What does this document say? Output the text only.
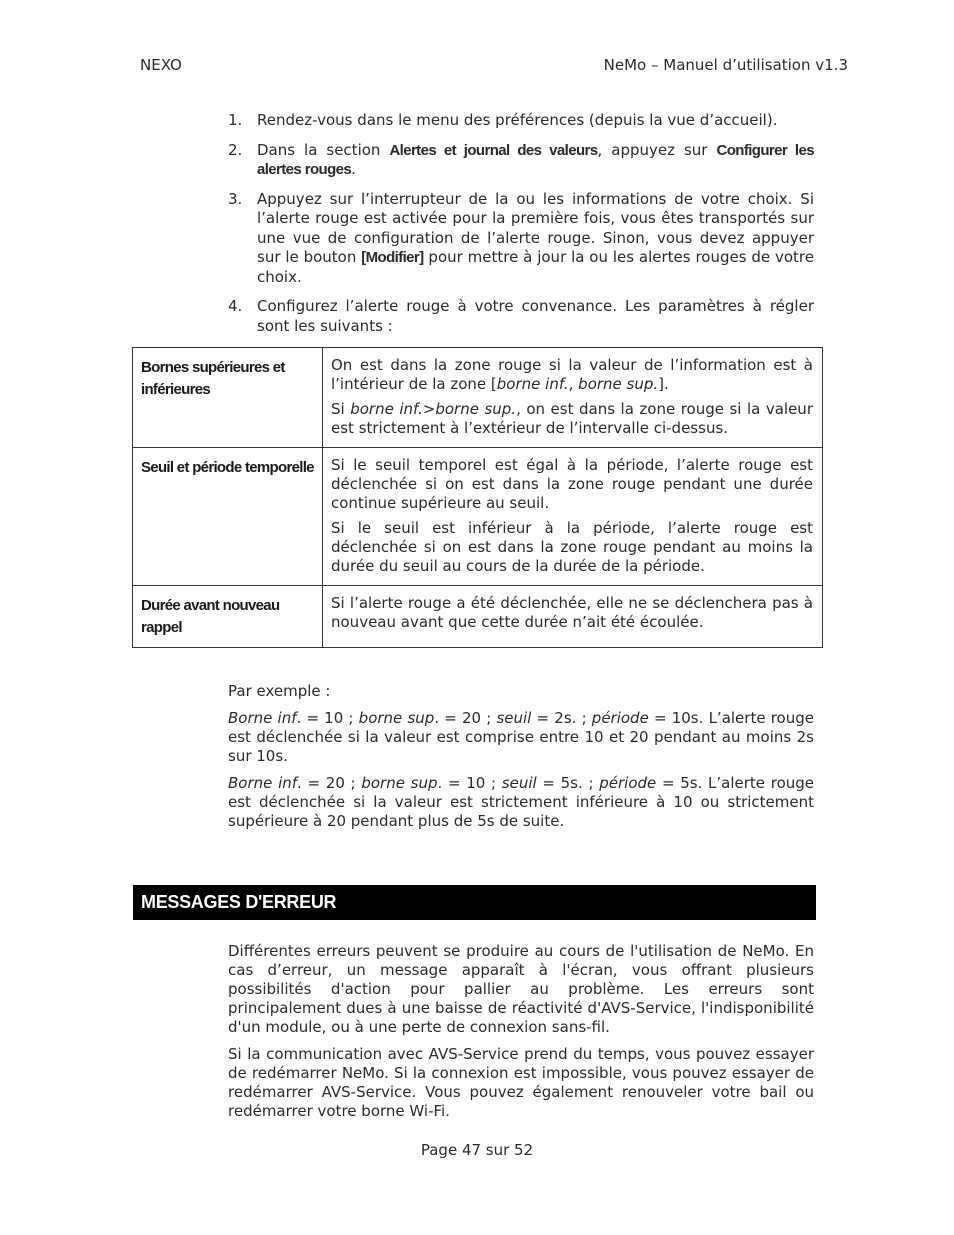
NEXO	NeMo – Manuel d’utilisation v1.3
1. Rendez-vous dans le menu des préférences (depuis la vue d’accueil).
2. Dans la section Alertes et journal des valeurs, appuyez sur Configurer les alertes rouges.
3. Appuyez sur l’interrupteur de la ou les informations de votre choix. Si l’alerte rouge est activée pour la première fois, vous êtes transportés sur une vue de configuration de l’alerte rouge. Sinon, vous devez appuyer sur le bouton [Modifier] pour mettre à jour la ou les alertes rouges de votre choix.
4. Configurez l’alerte rouge à votre convenance. Les paramètres à régler sont les suivants :
Bornes supérieures et inférieures	On est dans la zone rouge si la valeur de l’information est à l’intérieur de la zone [borne inf., borne sup.].

Si borne inf.>borne sup., on est dans la zone rouge si la valeur est strictement à l’extérieur de l’intervalle ci-dessus.

Seuil et période temporelle	Si le seuil temporel est égal à la période, l’alerte rouge est déclenchée si on est dans la zone rouge pendant une durée continue supérieure au seuil.

Si le seuil est inférieur à la période, l’alerte rouge est déclenchée si on est dans la zone rouge pendant au moins la durée du seuil au cours de la durée de la période.

Durée avant nouveau rappel	Si l’alerte rouge a été déclenchée, elle ne se déclenchera pas à nouveau avant que cette durée n’ait été écoulée.

Par exemple :

Borne inf. = 10 ; borne sup. = 20 ; seuil = 2s. ; période = 10s. L’alerte rouge est déclenchée si la valeur est comprise entre 10 et 20 pendant au moins 2s sur 10s.

Borne inf. = 20 ; borne sup. = 10 ; seuil = 5s. ; période = 5s. L’alerte rouge est déclenchée si la valeur est strictement inférieure à 10 ou strictement supérieure à 20 pendant plus de 5s de suite.

MESSAGES D'ERREUR

Différentes erreurs peuvent se produire au cours de l'utilisation de NeMo. En cas d’erreur, un message apparaît à l'écran, vous offrant plusieurs possibilités d'action pour pallier au problème. Les erreurs sont principalement dues à une baisse de réactivité d'AVS-Service, l'indisponibilité d'un module, ou à une perte de connexion sans-fil.

Si la communication avec AVS-Service prend du temps, vous pouvez essayer de redémarrer NeMo. Si la connexion est impossible, vous pouvez essayer de redémarrer AVS-Service. Vous pouvez également renouveler votre bail ou redémarrer votre borne Wi-Fi.

Page 47 sur 52
